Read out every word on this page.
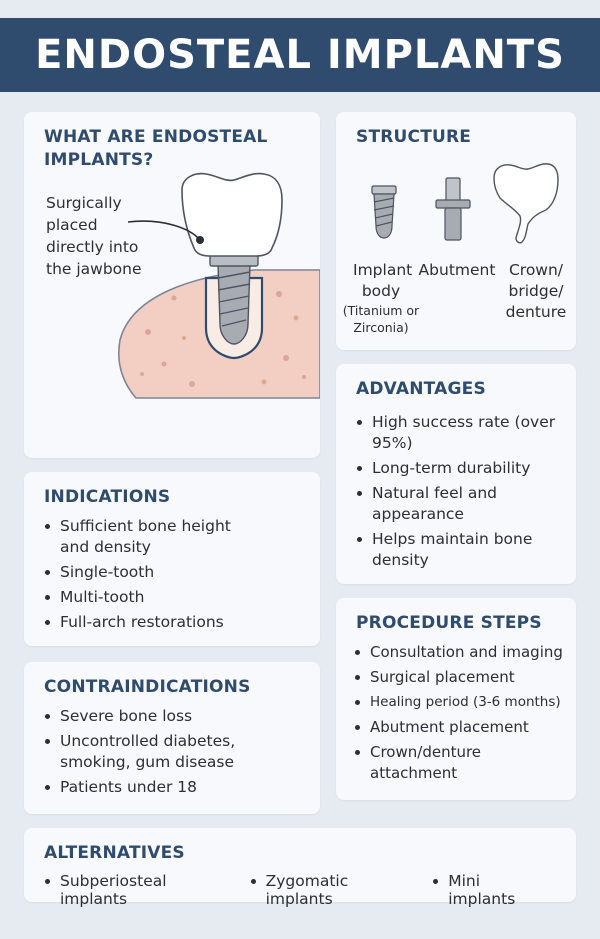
ENDOSTEAL IMPLANTS
WHAT ARE ENDOSTEAL IMPLANTS?
Surgically placed directly into the jawbone
STRUCTURE
Implant body
(Titanium or Zirconia)
Abutment Crown/ bridge/ denture
ADVANTAGES
High success rate (over 95%)
Long-term durability
Natural feel and appearance
Helps maintain bone density
INDICATIONS
Sufficient bone height and density
Single-tooth
Multi-tooth
Full-arch restorations	PROCEDURE STEPS
Consultation and imaging
Surgical placement
Healing period (3-6 months)
Abutment placement
Crown/denture attachment
CONTRAINDICATIONS
Severe bone loss
Uncontrolled diabetes, smoking, gum disease
Patients under 18
ALTERNATIVES
Subperiosteal implants
Zygomatic implants
Mini implants
